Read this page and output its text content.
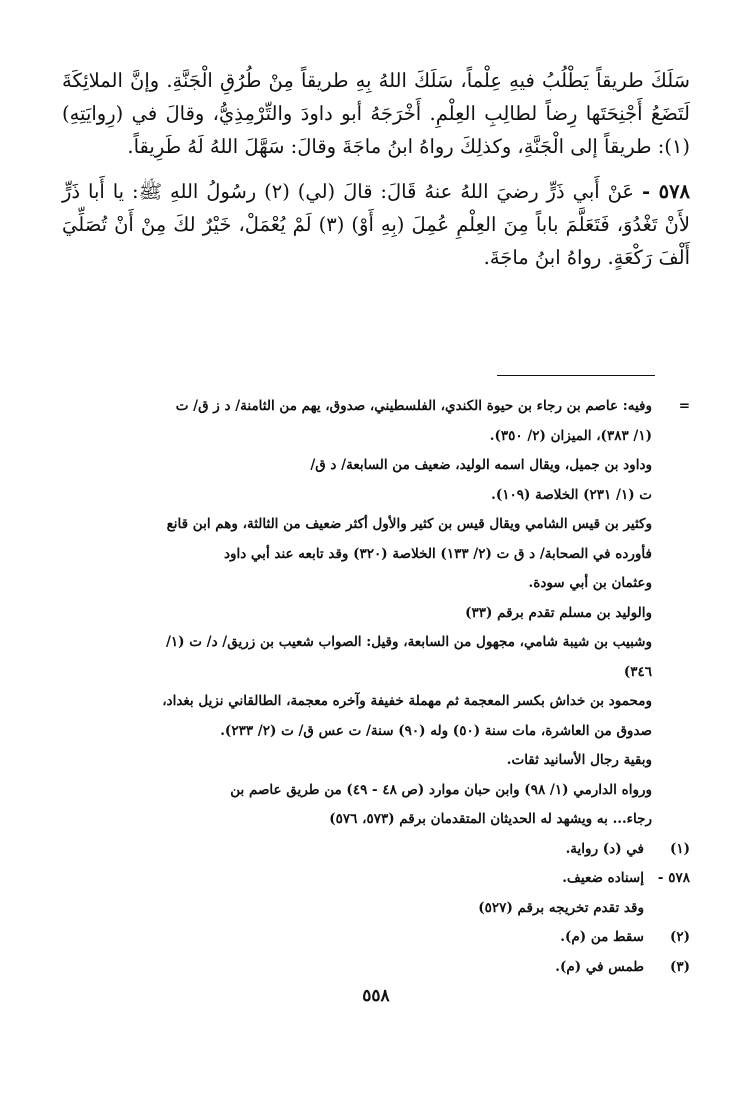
سَلَكَ طريقاً يَطْلُبُ فيهِ عِلْماً، سَلَكَ اللهُ بِهِ طريقاً مِنْ طُرُقِ الْجَنَّةِ. وإنَّ الملائِكَةَ لَتَضَعُ أَجْنِحَتَها رِضاً لطالِبِ العِلْمِ. أَخْرَجَهُ أبو داودَ والتِّرْمِذِيُّ، وقالَ في (رِوايَتِهِ) (١): طريقاً إلى الْجَنَّةِ، وكذلِكَ رواهُ ابنُ ماجَةَ وقالَ: سَهَّلَ اللهُ لَهُ طَرِيقاً.

٥٧٨ - عَنْ أَبي ذَرٍّ رضيَ اللهُ عنهُ قَالَ: قالَ (لي) (٢) رسُولُ اللهِ ﷺ: يا أَبا ذَرٍّ لأَنْ تَغْدُوَ، فَتَعَلَّمَ باباً مِنَ العِلْمِ عُمِلَ (بِهِ أَوْ) (٣) لَمْ يُعْمَلْ، خَيْرٌ لكَ مِنْ أَنْ تُصَلِّيَ أَلْفَ رَكْعَةٍ. رواهُ ابنُ ماجَةَ.

=
وفيه: عاصم بن رجاء بن حيوة الكندي، الفلسطيني، صدوق، يهم من الثامنة/ د ز ق/ ت
(١/ ٣٨٣)، الميزان (٢/ ٣٥٠).
وداود بن جميل، ويقال اسمه الوليد، ضعيف من السابعة/ د ق/
ت (١/ ٢٣١) الخلاصة (١٠٩).
وكثير بن قيس الشامي ويقال قيس بن كثير والأول أكثر ضعيف من الثالثة، وهم ابن قانع
فأورده في الصحابة/ د ق ت (٢/ ١٣٣) الخلاصة (٣٢٠) وقد تابعه عند أبي داود
وعثمان بن أبي سودة.
والوليد بن مسلم تقدم برقم (٣٣)
وشبيب بن شيبة شامي، مجهول من السابعة، وقيل: الصواب شعيب بن زريق/ د/ ت (١/
٣٤٦)
ومحمود بن خداش بكسر المعجمة ثم مهملة خفيفة وآخره معجمة، الطالقاني نزيل بغداد،
صدوق من العاشرة، مات سنة (٥٠) وله (٩٠) سنة/ ت عس ق/ ت (٢/ ٢٣٣).
وبقية رجال الأسانيد ثقات.
ورواه الدارمي (١/ ٩٨) وابن حبان موارد (ص ٤٨ - ٤٩) من طريق عاصم بن
رجاء... به ويشهد له الحديثان المتقدمان برقم (٥٧٣، ٥٧٦)
(١)
في (د) رواية.
٥٧٨ -
إسناده ضعيف.
وقد تقدم تخريجه برقم (٥٢٧)
(٢)
سقط من (م).
(٣)
طمس في (م).
٥٥٨
